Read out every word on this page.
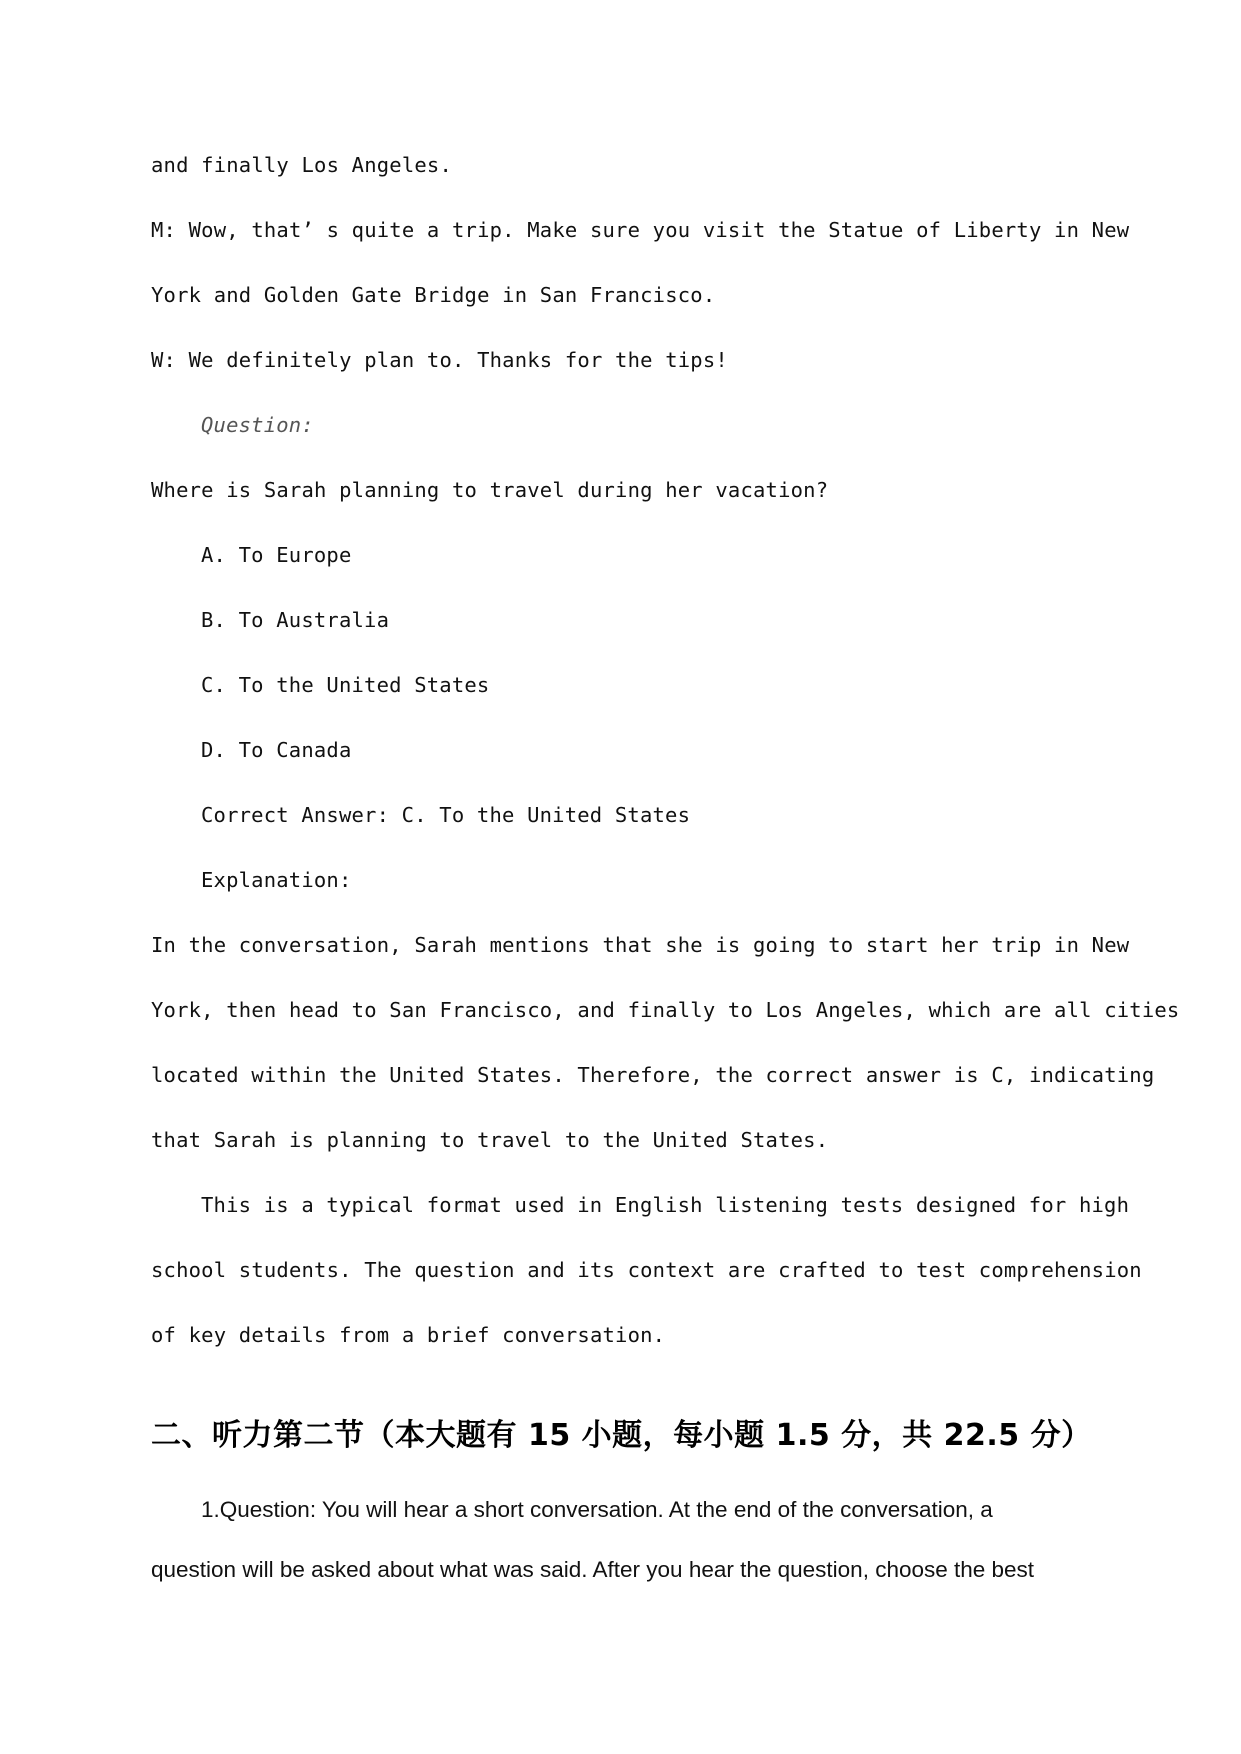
and finally Los Angeles.
M: Wow, that’ s quite a trip. Make sure you visit the Statue of Liberty in New
York and Golden Gate Bridge in San Francisco.
W: We definitely plan to. Thanks for the tips!
Question:
Where is Sarah planning to travel during her vacation?
A. To Europe
B. To Australia
C. To the United States
D. To Canada
Correct Answer: C. To the United States
Explanation:
In the conversation, Sarah mentions that she is going to start her trip in New
York, then head to San Francisco, and finally to Los Angeles, which are all cities
located within the United States. Therefore, the correct answer is C, indicating
that Sarah is planning to travel to the United States.
This is a typical format used in English listening tests designed for high
school students. The question and its context are crafted to test comprehension
of key details from a brief conversation.
二、听力第二节（本大题有 15 小题，每小题 1.5 分，共 22.5 分）
1.Question: You will hear a short conversation. At the end of the conversation, a
question will be asked about what was said. After you hear the question, choose the best
